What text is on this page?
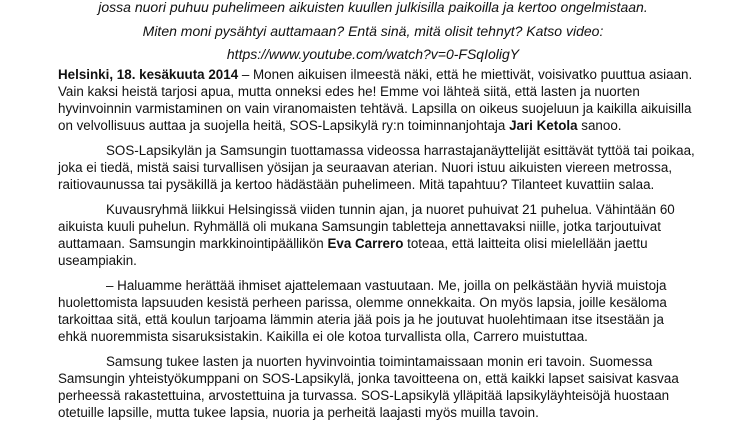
jossa nuori puhuu puhelimeen aikuisten kuullen julkisilla paikoilla ja kertoo ongelmistaan.
Miten moni pysähtyi auttamaan? Entä sinä, mitä olisit tehnyt? Katso video:
https://www.youtube.com/watch?v=0-FSqIoligY

Helsinki, 18. kesäkuuta 2014 – Monen aikuisen ilmeestä näki, että he miettivät, voisivatko puuttua asiaan.
Vain kaksi heistä tarjosi apua, mutta onneksi edes he! Emme voi lähteä siitä, että lasten ja nuorten
hyvinvoinnin varmistaminen on vain viranomaisten tehtävä. Lapsilla on oikeus suojeluun ja kaikilla aikuisilla
on velvollisuus auttaa ja suojella heitä, SOS-Lapsikylä ry:n toiminnanjohtaja Jari Ketola sanoo.

SOS-Lapsikylän ja Samsungin tuottamassa videossa harrastajanäyttelijät esittävät tyttöä tai poikaa,
joka ei tiedä, mistä saisi turvallisen yösijan ja seuraavan aterian. Nuori istuu aikuisten viereen metrossa,
raitiovaunussa tai pysäkillä ja kertoo hädästään puhelimeen. Mitä tapahtuu? Tilanteet kuvattiin salaa.

Kuvausryhmä liikkui Helsingissä viiden tunnin ajan, ja nuoret puhuivat 21 puhelua. Vähintään 60
aikuista kuuli puhelun. Ryhmällä oli mukana Samsungin tabletteja annettavaksi niille, jotka tarjoutuivat
auttamaan. Samsungin markkinointipäällikön Eva Carrero toteaa, että laitteita olisi mielellään jaettu
useampiakin.

– Haluamme herättää ihmiset ajattelemaan vastuutaan. Me, joilla on pelkästään hyviä muistoja
huolettomista lapsuuden kesistä perheen parissa, olemme onnekkaita. On myös lapsia, joille kesäloma
tarkoittaa sitä, että koulun tarjoama lämmin ateria jää pois ja he joutuvat huolehtimaan itse itsestään ja
ehkä nuoremmista sisaruksistakin. Kaikilla ei ole kotoa turvallista olla, Carrero muistuttaa.

Samsung tukee lasten ja nuorten hyvinvointia toimintamaissaan monin eri tavoin. Suomessa
Samsungin yhteistyökumppani on SOS-Lapsikylä, jonka tavoitteena on, että kaikki lapset saisivat kasvaa
perheessä rakastettuina, arvostettuina ja turvassa. SOS-Lapsikylä ylläpitää lapsikyläyhteisöjä huostaan
otetuille lapsille, mutta tukee lapsia, nuoria ja perheitä laajasti myös muilla tavoin.
